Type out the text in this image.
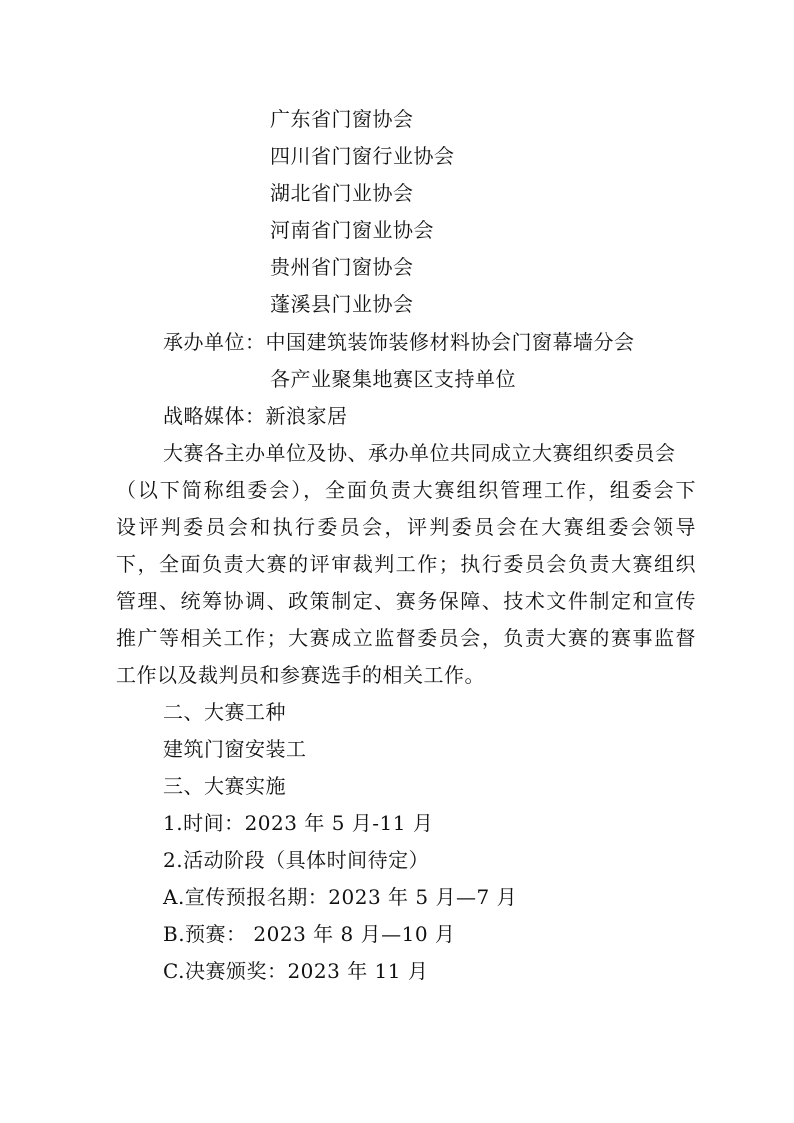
广东省门窗协会
四川省门窗行业协会
湖北省门业协会
河南省门窗业协会
贵州省门窗协会
蓬溪县门业协会
承办单位：中国建筑装饰装修材料协会门窗幕墙分会
各产业聚集地赛区支持单位
战略媒体：新浪家居
大赛各主办单位及协、承办单位共同成立大赛组织委员会
（以下简称组委会），全面负责大赛组织管理工作，组委会下
设评判委员会和执行委员会，评判委员会在大赛组委会领导
下，全面负责大赛的评审裁判工作；执行委员会负责大赛组织
管理、统筹协调、政策制定、赛务保障、技术文件制定和宣传
推广等相关工作；大赛成立监督委员会，负责大赛的赛事监督
工作以及裁判员和参赛选手的相关工作。
二、大赛工种
建筑门窗安装工
三、大赛实施
1.时间：2023 年 5 月-11 月
2.活动阶段（具体时间待定）
A.宣传预报名期：2023 年 5 月—7 月
B.预赛： 2023 年 8 月—10 月
C.决赛颁奖：2023 年 11 月
